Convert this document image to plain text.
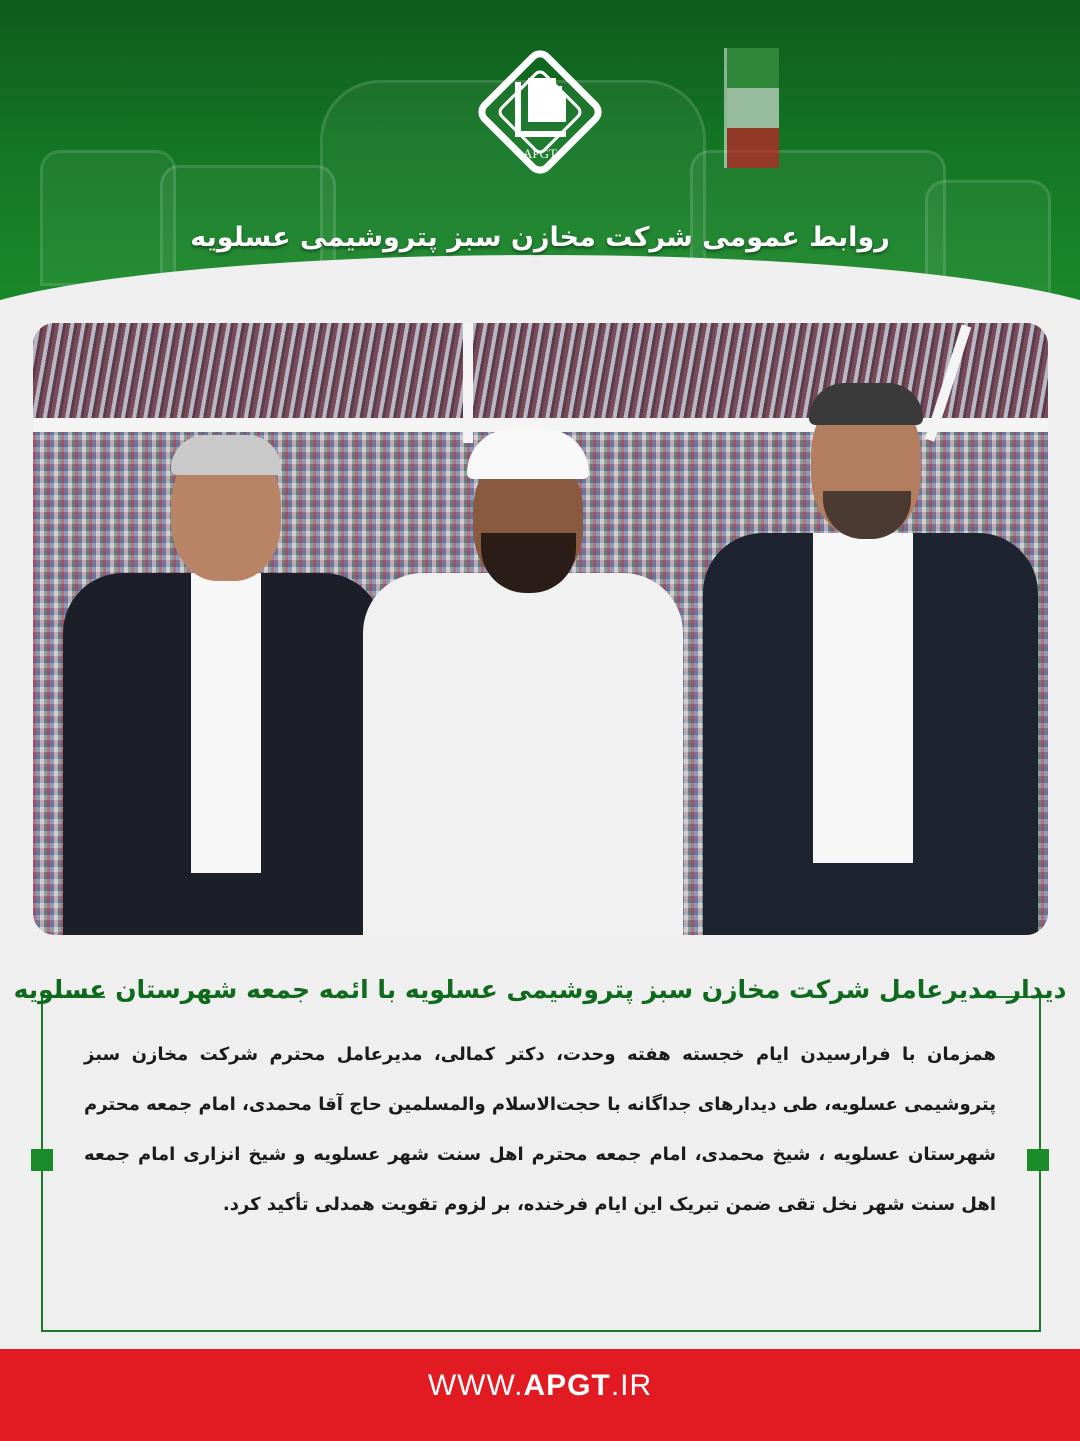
APGT
روابط عمومی شرکت مخازن سبز پتروشیمی عسلویه
دیدار مدیرعامل شرکت مخازن سبز پتروشیمی عسلویه با ائمه جمعه شهرستان عسلویه
همزمان با فرارسیدن ایام خجسته هفته وحدت، دکتر کمالی، مدیرعامل محترم شرکت مخازن سبز پتروشیمی عسلویه، طی دیدارهای جداگانه با حجت‌الاسلام والمسلمین حاج آقا محمدی، امام جمعه محترم شهرستان عسلویه ، شیخ محمدی، امام جمعه محترم اهل سنت شهر عسلویه و شیخ انزاری امام جمعه اهل سنت شهر نخل تقی ضمن تبریک این ایام فرخنده، بر لزوم تقویت همدلی تأکید کرد.
WWW.APGT.IR
